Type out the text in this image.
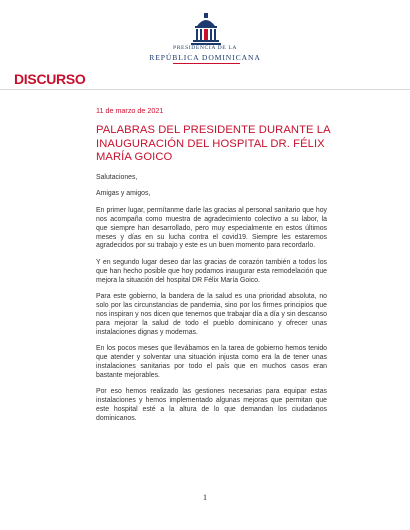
PRESIDENCIA DE LA
REPÚBLICA DOMINICANA
DISCURSO
11 de marzo de 2021
PALABRAS DEL PRESIDENTE DURANTE LA INAUGURACIÓN DEL HOSPITAL DR. FÉLIX MARÍA GOICO

Salutaciones,

Amigas y amigos,

En primer lugar, permítanme darle las gracias al personal sanitario que hoy nos acompaña como muestra de agradecimiento colectivo a su labor, la que siempre han desarrollado, pero muy especialmente en estos últimos meses y días en su lucha contra el covid19. Siempre les estaremos agradecidos por su trabajo y este es un buen momento para recordarlo.

Y en segundo lugar deseo dar las gracias de corazón también a todos los que han hecho posible que hoy podamos inaugurar esta remodelación que mejora la situación del hospital DR Félix María Goico.

Para este gobierno, la bandera de la salud es una prioridad absoluta, no solo por las circunstancias de pandemia, sino por los firmes principios que nos inspiran y nos dicen que tenemos que trabajar día a día y sin descanso para mejorar la salud de todo el pueblo dominicano y ofrecer unas instalaciones dignas y modernas.

En los pocos meses que llevábamos en la tarea de gobierno hemos tenido que atender y solventar una situación injusta como era la de tener unas instalaciones sanitarias por todo el país que en muchos casos eran bastante mejorables.

Por eso hemos realizado las gestiones necesarias para equipar estas instalaciones y hemos implementado algunas mejoras que permitan que este hospital esté a la altura de lo que demandan los ciudadanos dominicanos.

1
